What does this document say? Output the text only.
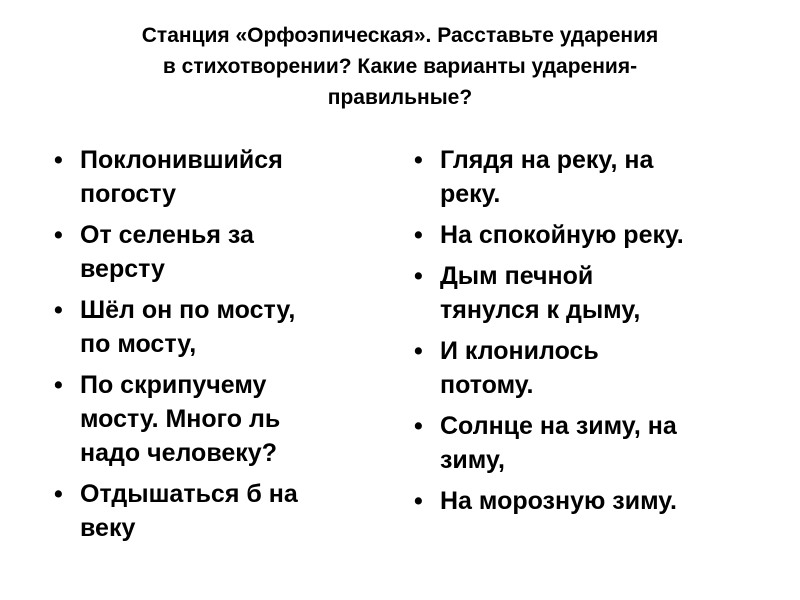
Станция «Орфоэпическая». Расставьте ударения
в стихотворении? Какие варианты ударения-
правильные?
• Поклонившийся
погосту
• От селенья за
версту
• Шёл он по мосту,
по мосту,
• По скрипучему
мосту. Много ль
надо человеку?
• Отдышаться б на
веку
• Глядя на реку, на
реку.
• На спокойную реку.
• Дым печной
тянулся к дыму,
• И клонилось
потому.
• Солнце на зиму, на
зиму,
• На морозную зиму.
